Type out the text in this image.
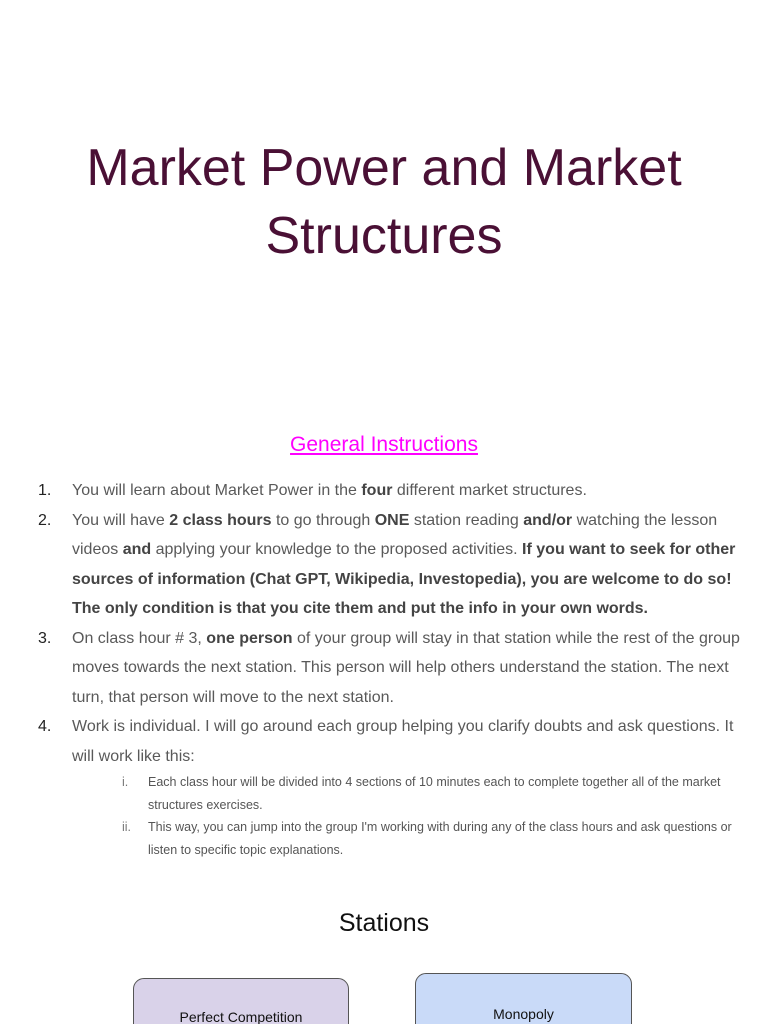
Market Power and Market
Structures
General Instructions
1. You will learn about Market Power in the four different market structures.
2. You will have 2 class hours to go through ONE station reading and/or watching the lesson videos and applying your knowledge to the proposed activities. If you want to seek for other sources of information (Chat GPT, Wikipedia, Investopedia), you are welcome to do so! The only condition is that you cite them and put the info in your own words.
3. On class hour # 3, one person of your group will stay in that station while the rest of the group moves towards the next station. This person will help others understand the station. The next turn, that person will move to the next station.
4. Work is individual. I will go around each group helping you clarify doubts and ask questions. It will work like this:
i. Each class hour will be divided into 4 sections of 10 minutes each to complete together all of the market structures exercises.
ii. This way, you can jump into the group I'm working with during any of the class hours and ask questions or listen to specific topic explanations.
Stations
Perfect Competition	Monopoly
